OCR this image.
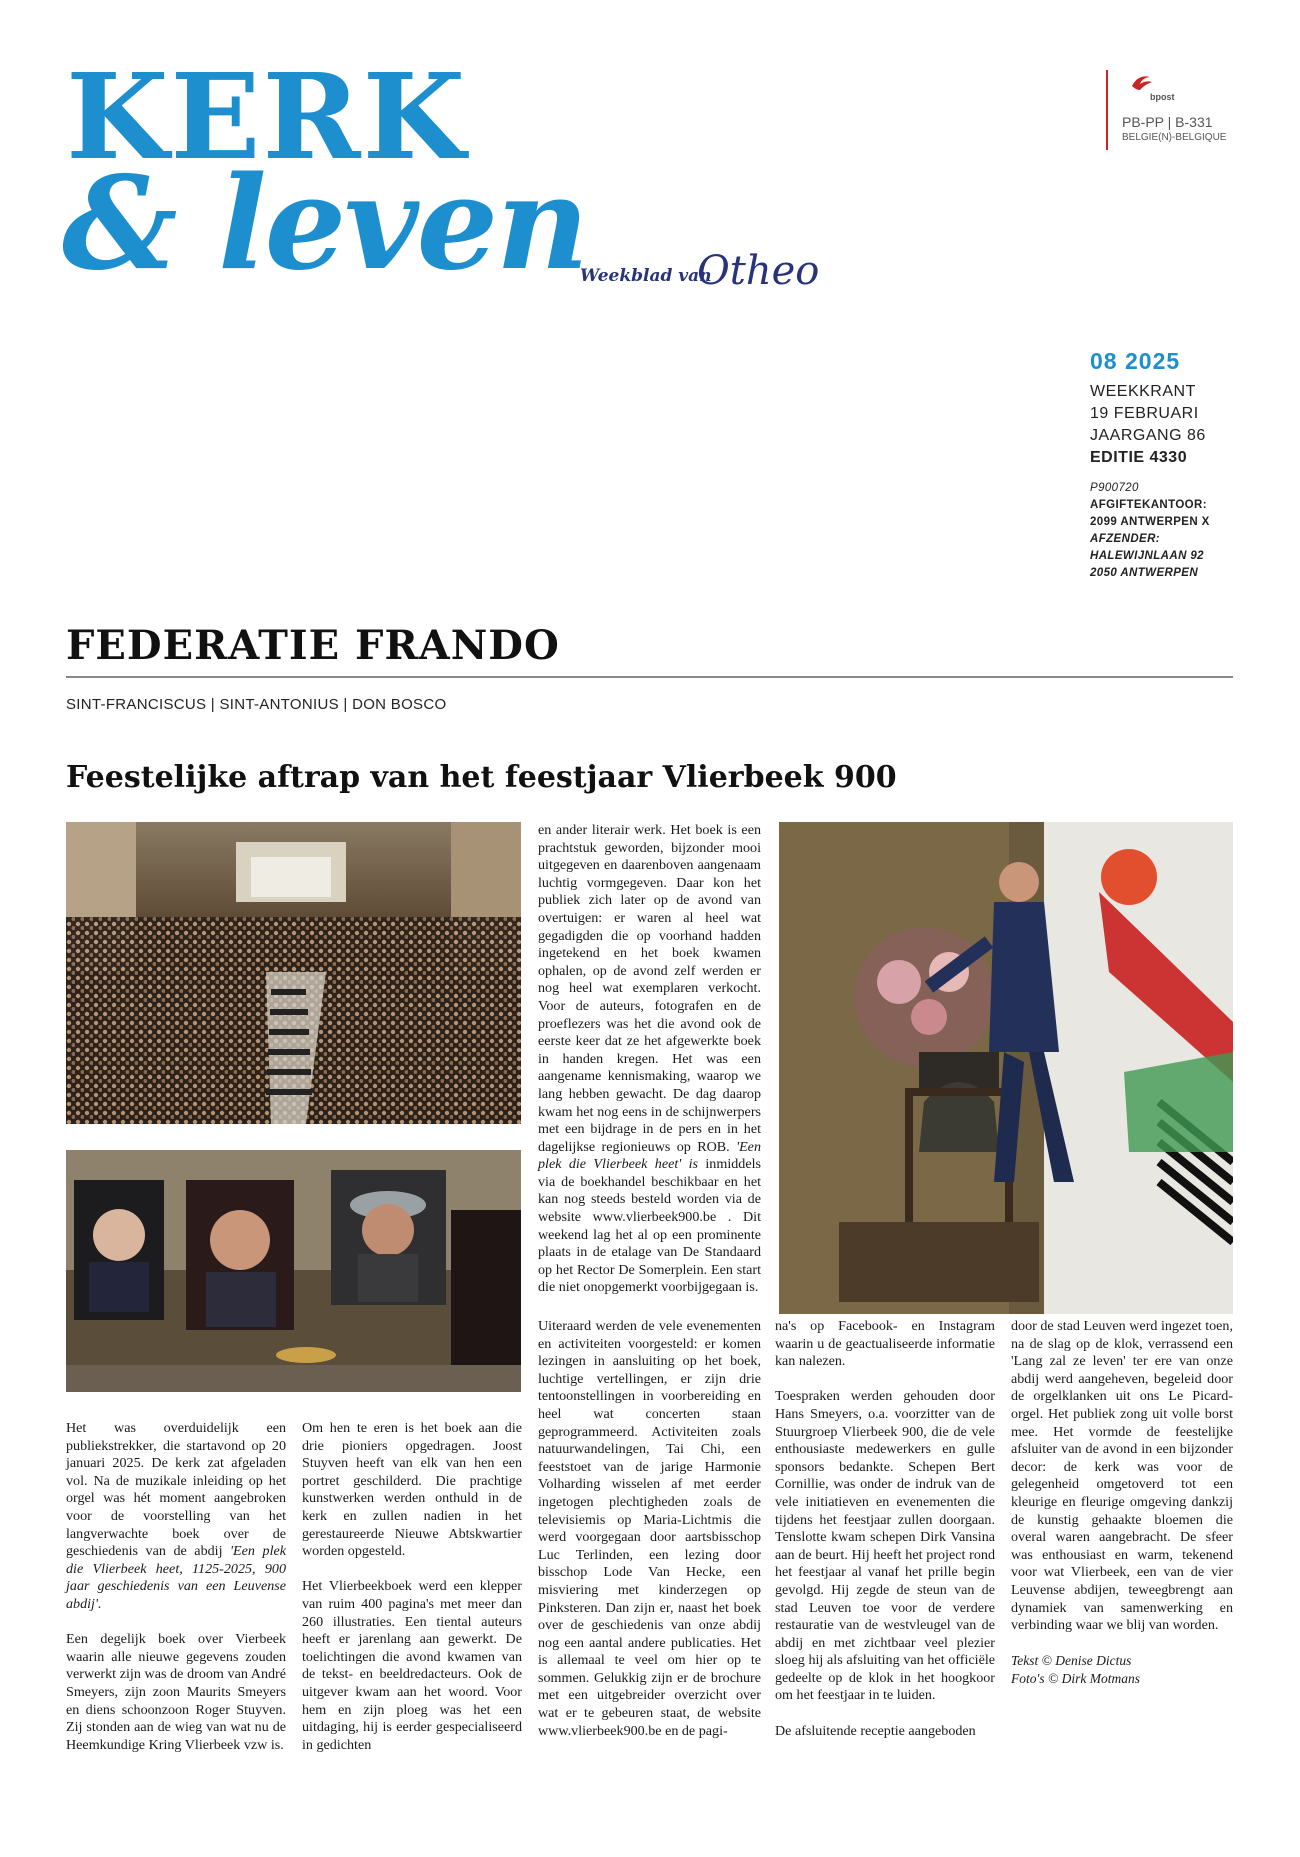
KERK
& leven
Weekblad van
Otheo
bpost
PB-PP | B-331
BELGIE(N)-BELGIQUE
08 2025
WEEKKRANT
19 FEBRUARI
JAARGANG 86
EDITIE 4330
P900720
AFGIFTEKANTOOR:
2099 ANTWERPEN X
AFZENDER:
HALEWIJNLAAN 92
2050 ANTWERPEN
FEDERATIE FRANDO
SINT-FRANCISCUS | SINT-ANTONIUS | DON BOSCO
Feestelijke aftrap van het feestjaar Vlierbeek 900

Het was overduidelijk een publiekstrekker, die startavond op 20 januari 2025. De kerk zat afgeladen vol. Na de muzikale inleiding op het orgel was hét moment aangebroken voor de voorstelling van het langverwachte boek over de geschiedenis van de abdij 'Een plek die Vlierbeek heet, 1125-2025, 900 jaar geschiedenis van een Leuvense abdij'.

Een degelijk boek over Vierbeek waarin alle nieuwe gegevens zouden verwerkt zijn was de droom van André Smeyers, zijn zoon Maurits Smeyers en diens schoonzoon Roger Stuyven. Zij stonden aan de wieg van wat nu de Heemkundige Kring Vlierbeek vzw is.

Om hen te eren is het boek aan die drie pioniers opgedragen. Joost Stuyven heeft van elk van hen een portret geschilderd. Die prachtige kunstwerken werden onthuld in de kerk en zullen nadien in het gerestaureerde Nieuwe Abtskwartier worden opgesteld.

Het Vlierbeekboek werd een klepper van ruim 400 pagina's met meer dan 260 illustraties. Een tiental auteurs heeft er jarenlang aan gewerkt. De toelichtingen die avond kwamen van de tekst- en beeldredacteurs. Ook de uitgever kwam aan het woord. Voor hem en zijn ploeg was het een uitdaging, hij is eerder gespecialiseerd in gedichten

en ander literair werk. Het boek is een prachtstuk geworden, bijzonder mooi uitgegeven en daarenboven aangenaam luchtig vormgegeven. Daar kon het publiek zich later op de avond van overtuigen: er waren al heel wat gegadigden die op voorhand hadden ingetekend en het boek kwamen ophalen, op de avond zelf werden er nog heel wat exemplaren verkocht. Voor de auteurs, fotografen en de proeflezers was het die avond ook de eerste keer dat ze het afgewerkte boek in handen kregen. Het was een aangename kennismaking, waarop we lang hebben gewacht. De dag daarop kwam het nog eens in de schijnwerpers met een bijdrage in de pers en in het dagelijkse regionieuws op ROB. 'Een plek die Vlierbeek heet' is inmiddels via de boekhandel beschikbaar en het kan nog steeds besteld worden via de website www.vlierbeek900.be . Dit weekend lag het al op een prominente plaats in de etalage van De Standaard op het Rector De Somerplein. Een start die niet onopgemerkt voorbijgegaan is.

Uiteraard werden de vele evenementen en activiteiten voorgesteld: er komen lezingen in aansluiting op het boek, luchtige vertellingen, er zijn drie tentoonstellingen in voorbereiding en heel wat concerten staan geprogrammeerd. Activiteiten zoals natuurwandelingen, Tai Chi, een feeststoet van de jarige Harmonie Volharding wisselen af met eerder ingetogen plechtigheden zoals de televisiemis op Maria-Lichtmis die werd voorgegaan door aartsbisschop Luc Terlinden, een lezing door bisschop Lode Van Hecke, een misviering met kinderzegen op Pinksteren. Dan zijn er, naast het boek over de geschiedenis van onze abdij nog een aantal andere publicaties. Het is allemaal te veel om hier op te sommen. Gelukkig zijn er de brochure met een uitgebreider overzicht over wat er te gebeuren staat, de website www.vlierbeek900.be en de pagi-

na's op Facebook- en Instagram waarin u de geactualiseerde informatie kan nalezen.

Toespraken werden gehouden door Hans Smeyers, o.a. voorzitter van de Stuurgroep Vlierbeek 900, die de vele enthousiaste medewerkers en gulle sponsors bedankte. Schepen Bert Cornillie, was onder de indruk van de vele initiatieven en evenementen die tijdens het feestjaar zullen doorgaan. Tenslotte kwam schepen Dirk Vansina aan de beurt. Hij heeft het project rond het feestjaar al vanaf het prille begin gevolgd. Hij zegde de steun van de stad Leuven toe voor de verdere restauratie van de westvleugel van de abdij en met zichtbaar veel plezier sloeg hij als afsluiting van het officiële gedeelte op de klok in het hoogkoor om het feestjaar in te luiden.

De afsluitende receptie aangeboden

door de stad Leuven werd ingezet toen, na de slag op de klok, verrassend een 'Lang zal ze leven' ter ere van onze abdij werd aangeheven, begeleid door de orgelklanken uit ons Le Picard-orgel. Het publiek zong uit volle borst mee. Het vormde de feestelijke afsluiter van de avond in een bijzonder decor: de kerk was voor de gelegenheid omgetoverd tot een kleurige en fleurige omgeving dankzij de kunstig gehaakte bloemen die overal waren aangebracht. De sfeer was enthousiast en warm, tekenend voor wat Vlierbeek, een van de vier Leuvense abdijen, teweegbrengt aan dynamiek van samenwerking en verbinding waar we blij van worden.

Tekst © Denise Dictus
Foto's © Dirk Motmans
